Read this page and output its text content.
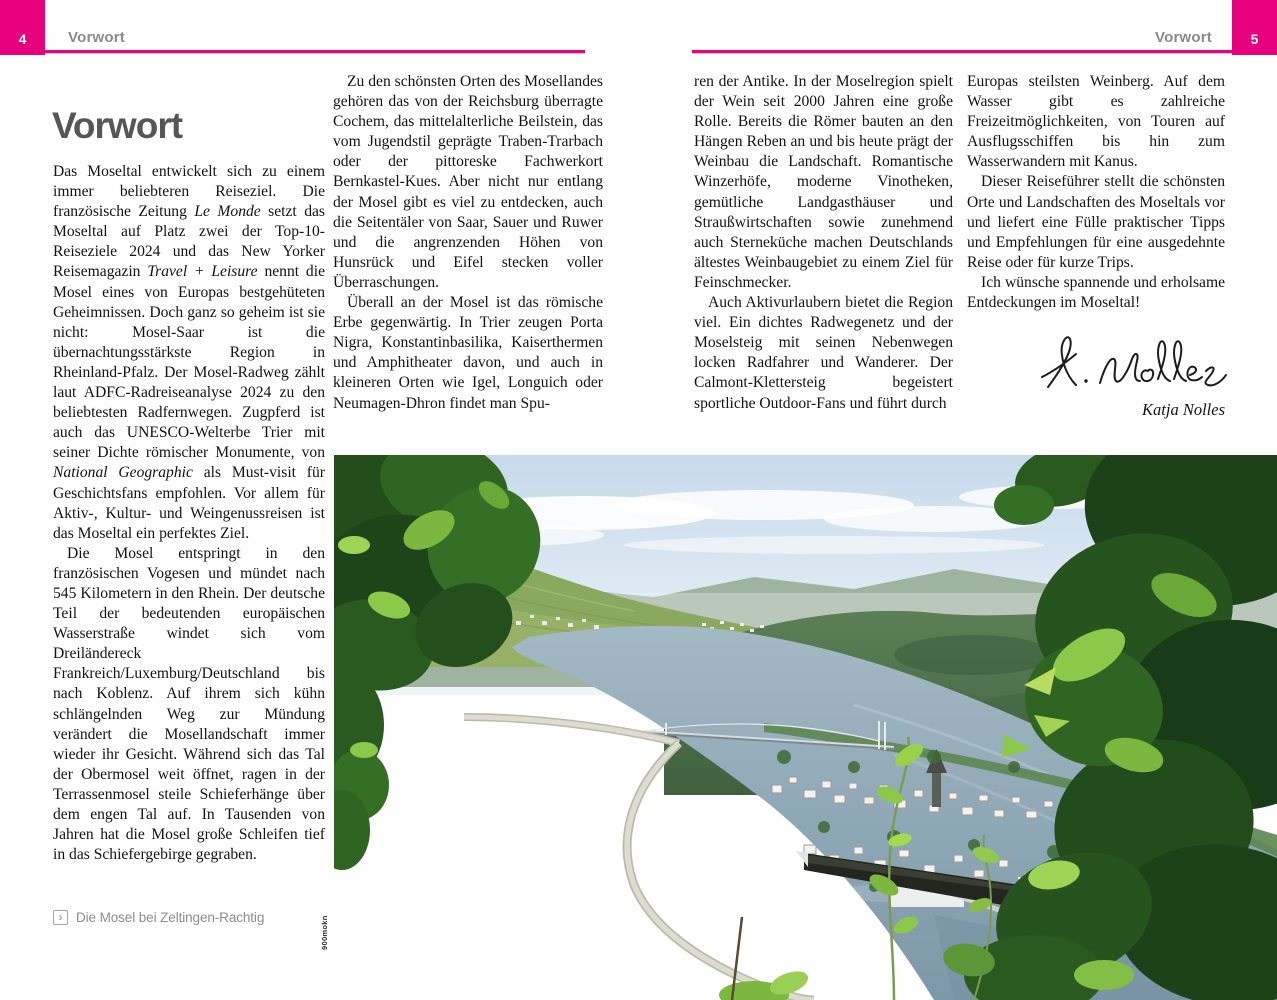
4	Vorwort	Vorwort	5
Vorwort

Das Moseltal entwickelt sich zu einem immer beliebteren Reiseziel. Die französische Zeitung Le Monde setzt das Moseltal auf Platz zwei der Top-10-Reiseziele 2024 und das New Yorker Reisemagazin Travel + Leisure nennt die Mosel eines von Europas bestgehüteten Geheimnissen. Doch ganz so geheim ist sie nicht: Mosel-Saar ist die übernachtungsstärkste Region in Rheinland-Pfalz. Der Mosel-Radweg zählt laut ADFC-Radreiseanalyse 2024 zu den beliebtesten Radfernwegen. Zugpferd ist auch das UNESCO-Welterbe Trier mit seiner Dichte römischer Monumente, von National Geographic als Must-visit für Geschichtsfans empfohlen. Vor allem für Aktiv-, Kultur- und Weingenussreisen ist das Moseltal ein perfektes Ziel.

Die Mosel entspringt in den französischen Vogesen und mündet nach 545 Kilometern in den Rhein. Der deutsche Teil der bedeutenden europäischen Wasserstraße windet sich vom Dreiländereck Frankreich/Luxemburg/Deutschland bis nach Koblenz. Auf ihrem sich kühn schlängelnden Weg zur Mündung verändert die Mosellandschaft immer wieder ihr Gesicht. Während sich das Tal der Obermosel weit öffnet, ragen in der Terrassenmosel steile Schieferhänge über dem engen Tal auf. In Tausenden von Jahren hat die Mosel große Schleifen tief in das Schiefergebirge gegraben.

Zu den schönsten Orten des Mosellandes gehören das von der Reichsburg überragte Cochem, das mittelalterliche Beilstein, das vom Jugendstil geprägte Traben-Trarbach oder der pittoreske Fachwerkort Bernkastel-Kues. Aber nicht nur entlang der Mosel gibt es viel zu entdecken, auch die Seitentäler von Saar, Sauer und Ruwer und die angrenzenden Höhen von Hunsrück und Eifel stecken voller Überraschungen.

Überall an der Mosel ist das römische Erbe gegenwärtig. In Trier zeugen Porta Nigra, Konstantinbasilika, Kaiserthermen und Amphitheater davon, und auch in kleineren Orten wie Igel, Longuich oder Neumagen-Dhron findet man Spu-

ren der Antike. In der Moselregion spielt der Wein seit 2000 Jahren eine große Rolle. Bereits die Römer bauten an den Hängen Reben an und bis heute prägt der Weinbau die Landschaft. Romantische Winzerhöfe, moderne Vinotheken, gemütliche Landgasthäuser und Straußwirtschaften sowie zunehmend auch Sterneküche machen Deutschlands ältestes Weinbaugebiet zu einem Ziel für Feinschmecker.

Auch Aktivurlaubern bietet die Region viel. Ein dichtes Radwegenetz und der Moselsteig mit seinen Nebenwegen locken Radfahrer und Wanderer. Der Calmont-Klettersteig begeistert sportliche Outdoor-Fans und führt durch

Europas steilsten Weinberg. Auf dem Wasser gibt es zahlreiche Freizeitmöglichkeiten, von Touren auf Ausflugsschiffen bis hin zum Wasserwandern mit Kanus.

Dieser Reiseführer stellt die schönsten Orte und Landschaften des Moseltals vor und liefert eine Fülle praktischer Tipps und Empfehlungen für eine ausgedehnte Reise oder für kurze Trips.

Ich wünsche spannende und erholsame Entdeckungen im Moseltal!

Katja Nolles
›	Die Mosel bei Zeltingen-Rachtig	900mokn
